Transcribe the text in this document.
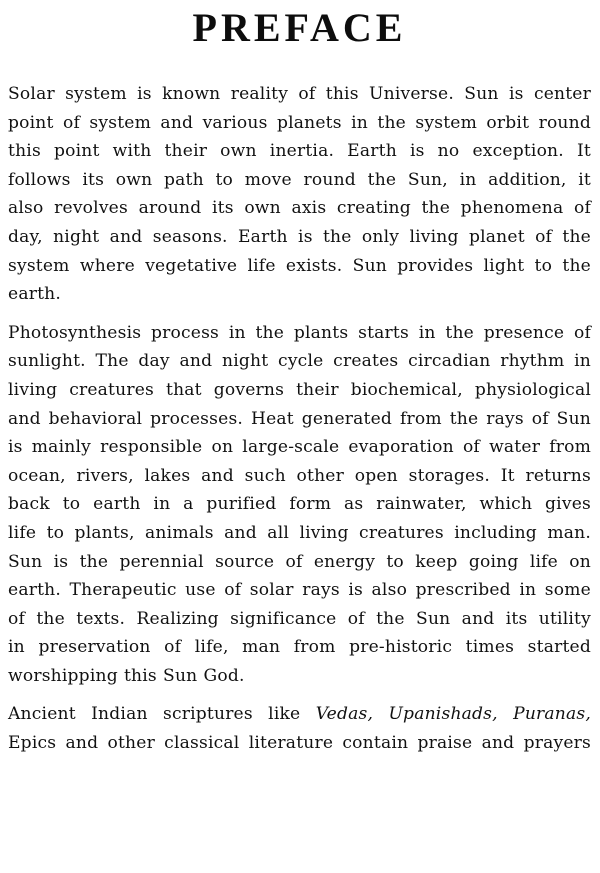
PREFACE

Solar system is known reality of this Universe. Sun is center
point of system and various planets in the system orbit round
this point with their own inertia. Earth is no exception. It
follows its own path to move round the Sun, in addition, it
also revolves around its own axis creating the phenomena of
day, night and seasons. Earth is the only living planet of the
system where vegetative life exists. Sun provides light to the
earth.

Photosynthesis process in the plants starts in the presence of
sunlight. The day and night cycle creates circadian rhythm in
living creatures that governs their biochemical, physiological
and behavioral processes. Heat generated from the rays of Sun
is mainly responsible on large-scale evaporation of water from
ocean, rivers, lakes and such other open storages. It returns
back to earth in a purified form as rainwater, which gives
life to plants, animals and all living creatures including man.
Sun is the perennial source of energy to keep going life on
earth. Therapeutic use of solar rays is also prescribed in some
of the texts. Realizing significance of the Sun and its utility
in preservation of life, man from pre-historic times started
worshipping this Sun God.

Ancient Indian scriptures like Vedas, Upanishads, Puranas,
Epics and other classical literature contain praise and prayers
